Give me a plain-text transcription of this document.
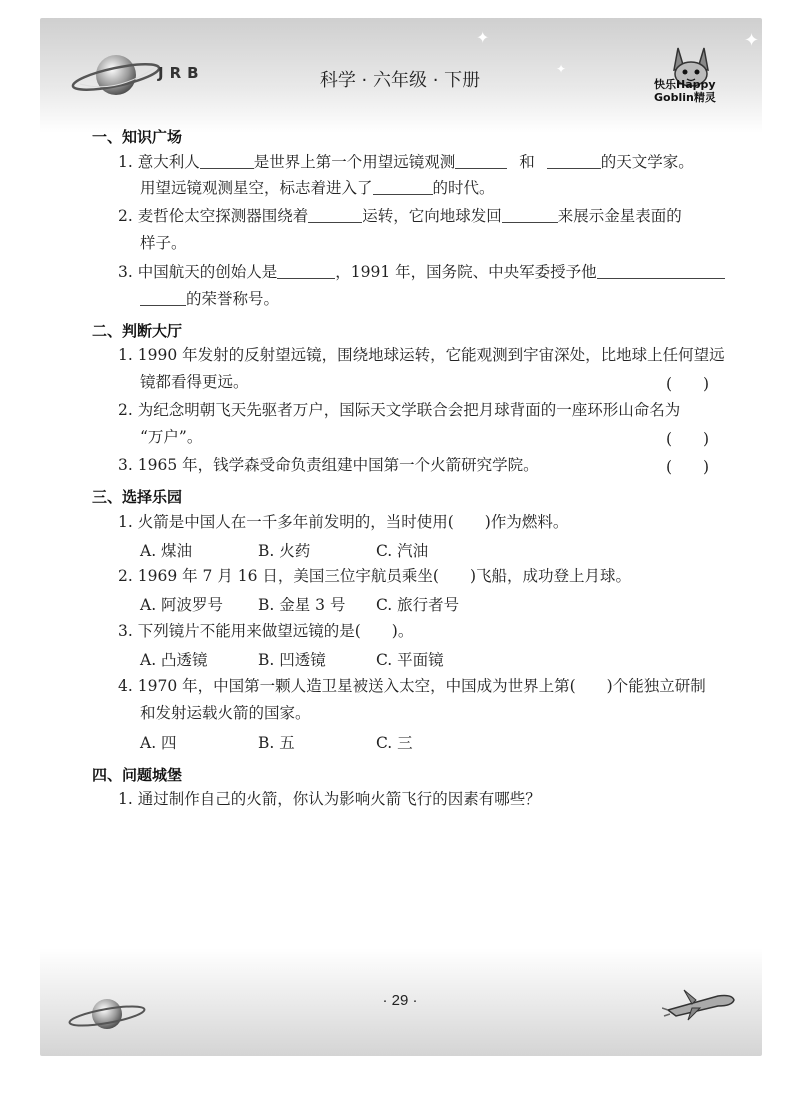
JRB	科学 · 六年级 · 下册
✦	✦
✦
快乐Happy
Goblin精灵
一、知识广场
1. 意大利人	是世界上第一个用望远镜观测	和	的天文学家。
用望远镜观测星空，标志着进入了	的时代。
2. 麦哲伦太空探测器围绕着	运转，它向地球发回	来展示金星表面的
样子。
3. 中国航天的创始人是	，1991 年，国务院、中央军委授予他
的荣誉称号。
二、判断大厅
1. 1990 年发射的反射望远镜，围绕地球运转，它能观测到宇宙深处，比地球上任何望远
镜都看得更远。	(　　)
2. 为纪念明朝飞天先驱者万户，国际天文学联合会把月球背面的一座环形山命名为
“万户”。	(　　)
3. 1965 年，钱学森受命负责组建中国第一个火箭研究学院。	(　　)
三、选择乐园
1. 火箭是中国人在一千多年前发明的，当时使用(　　)作为燃料。
A. 煤油	B. 火药	C. 汽油
2. 1969 年 7 月 16 日，美国三位宇航员乘坐(　　)飞船，成功登上月球。
A. 阿波罗号 B. 金星 3 号 C. 旅行者号
3. 下列镜片不能用来做望远镜的是(　　)。
A. 凸透镜	B. 凹透镜	C. 平面镜
4. 1970 年，中国第一颗人造卫星被送入太空，中国成为世界上第(　　)个能独立研制
和发射运载火箭的国家。
A. 四	B. 五	C. 三
四、问题城堡
1. 通过制作自己的火箭，你认为影响火箭飞行的因素有哪些？
· 29 ·
